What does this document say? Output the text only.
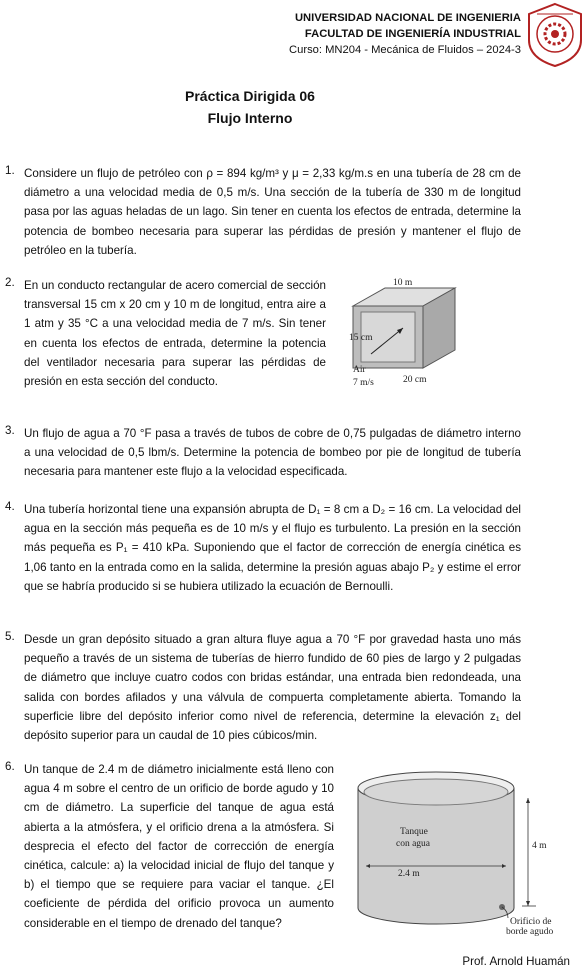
UNIVERSIDAD NACIONAL DE INGENIERIA
FACULTAD DE INGENIERÍA INDUSTRIAL
Curso: MN204 - Mecánica de Fluidos – 2024-3
Práctica Dirigida 06
Flujo Interno
1. Considere un flujo de petróleo con ρ = 894 kg/m³ y μ = 2,33 kg/m.s en una tubería de 28 cm de diámetro a una velocidad media de 0,5 m/s. Una sección de la tubería de 330 m de longitud pasa por las aguas heladas de un lago. Sin tener en cuenta los efectos de entrada, determine la potencia de bombeo necesaria para superar las pérdidas de presión y mantener el flujo de petróleo en la tubería.
2. En un conducto rectangular de acero comercial de sección transversal 15 cm x 20 cm y 10 m de longitud, entra aire a 1 atm y 35 °C a una velocidad media de 7 m/s. Sin tener en cuenta los efectos de entrada, determine la potencia del ventilador necesaria para superar las pérdidas de presión en esta sección del conducto.
10 m
15 cm
Air
7 m/s	20 cm
3. Un flujo de agua a 70 °F pasa a través de tubos de cobre de 0,75 pulgadas de diámetro interno a una velocidad de 0,5 lbm/s. Determine la potencia de bombeo por pie de longitud de tubería necesaria para mantener este flujo a la velocidad especificada.
4. Una tubería horizontal tiene una expansión abrupta de D₁ = 8 cm a D₂ = 16 cm. La velocidad del agua en la sección más pequeña es de 10 m/s y el flujo es turbulento. La presión en la sección más pequeña es P₁ = 410 kPa. Suponiendo que el factor de corrección de energía cinética es 1,06 tanto en la entrada como en la salida, determine la presión aguas abajo P₂ y estime el error que se habría producido si se hubiera utilizado la ecuación de Bernoulli.
5. Desde un gran depósito situado a gran altura fluye agua a 70 °F por gravedad hasta uno más pequeño a través de un sistema de tuberías de hierro fundido de 60 pies de largo y 2 pulgadas de diámetro que incluye cuatro codos con bridas estándar, una entrada bien redondeada, una salida con bordes afilados y una válvula de compuerta completamente abierta. Tomando la superficie libre del depósito inferior como nivel de referencia, determine la elevación z₁ del depósito superior para un caudal de 10 pies cúbicos/min.
6. Un tanque de 2.4 m de diámetro inicialmente está lleno con agua 4 m sobre el centro de un orificio de borde agudo y 10 cm de diámetro. La superficie del tanque de agua está abierta a la atmósfera, y el orificio drena a la atmósfera. Si desprecia el efecto del factor de corrección de energía cinética, calcule: a) la velocidad inicial de flujo del tanque y b) el tiempo que se requiere para vaciar el tanque. ¿El coeficiente de pérdida del orificio provoca un aumento considerable en el tiempo de drenado del tanque?
Tanque
con agua	4 m
2.4 m
Orificio de
borde agudo
Prof. Arnold Huamán
